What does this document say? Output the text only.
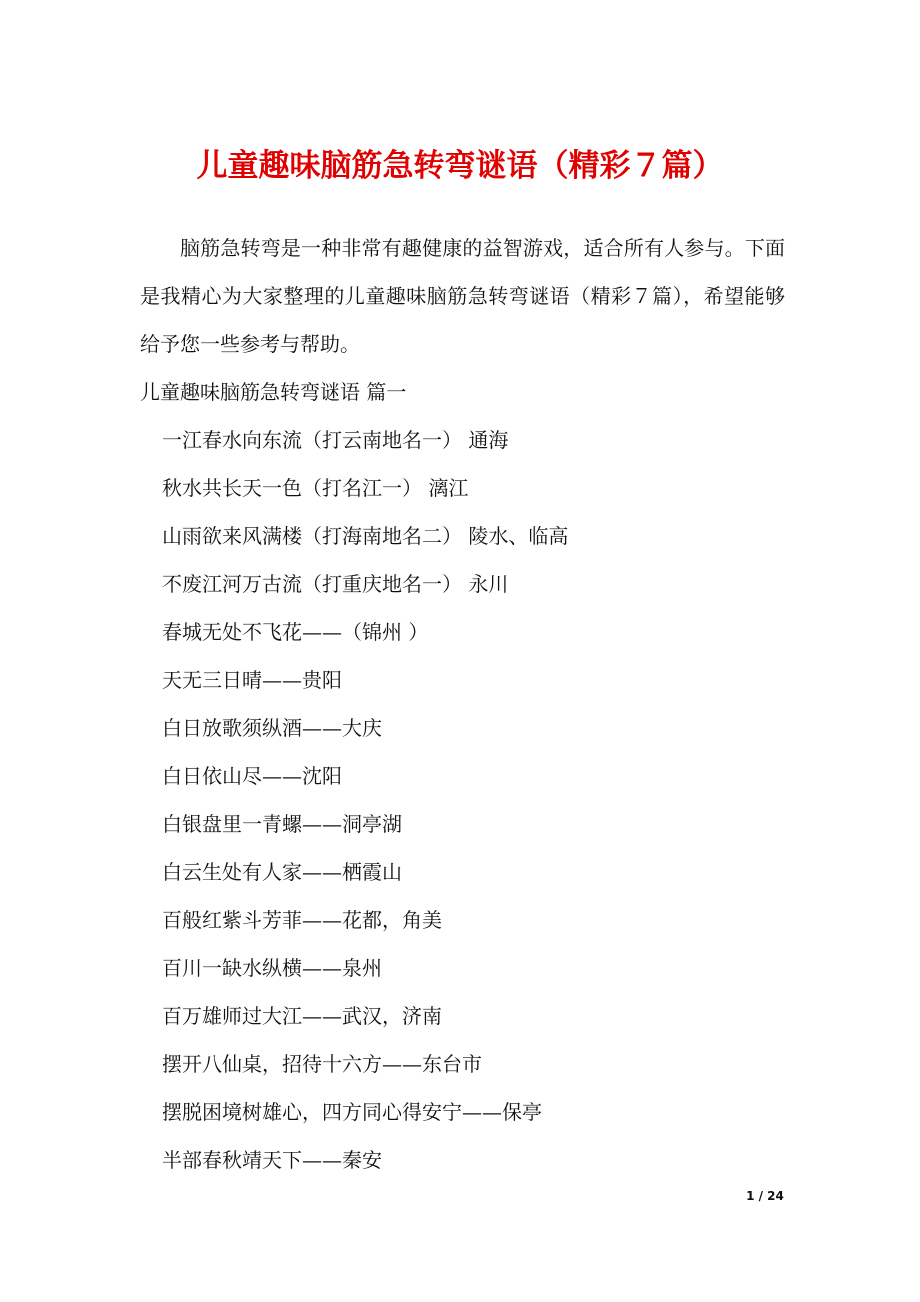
儿童趣味脑筋急转弯谜语（精彩７篇）
脑筋急转弯是一种非常有趣健康的益智游戏，适合所有人参与。下面是我精心为大家整理的儿童趣味脑筋急转弯谜语（精彩７篇），希望能够给予您一些参考与帮助。
儿童趣味脑筋急转弯谜语 篇一
一江春水向东流（打云南地名一） 通海
秋水共长天一色（打名江一） 漓江
山雨欲来风满楼（打海南地名二） 陵水、临高
不废江河万古流（打重庆地名一） 永川
春城无处不飞花——（锦州 ）
天无三日晴——贵阳
白日放歌须纵酒——大庆
白日依山尽——沈阳
白银盘里一青螺——洞亭湖
白云生处有人家——栖霞山
百般红紫斗芳菲——花都，角美
百川一缺水纵横——泉州
百万雄师过大江——武汉，济南
摆开八仙桌，招待十六方——东台市
摆脱困境树雄心，四方同心得安宁——保亭
半部春秋靖天下——秦安
1 / 24
